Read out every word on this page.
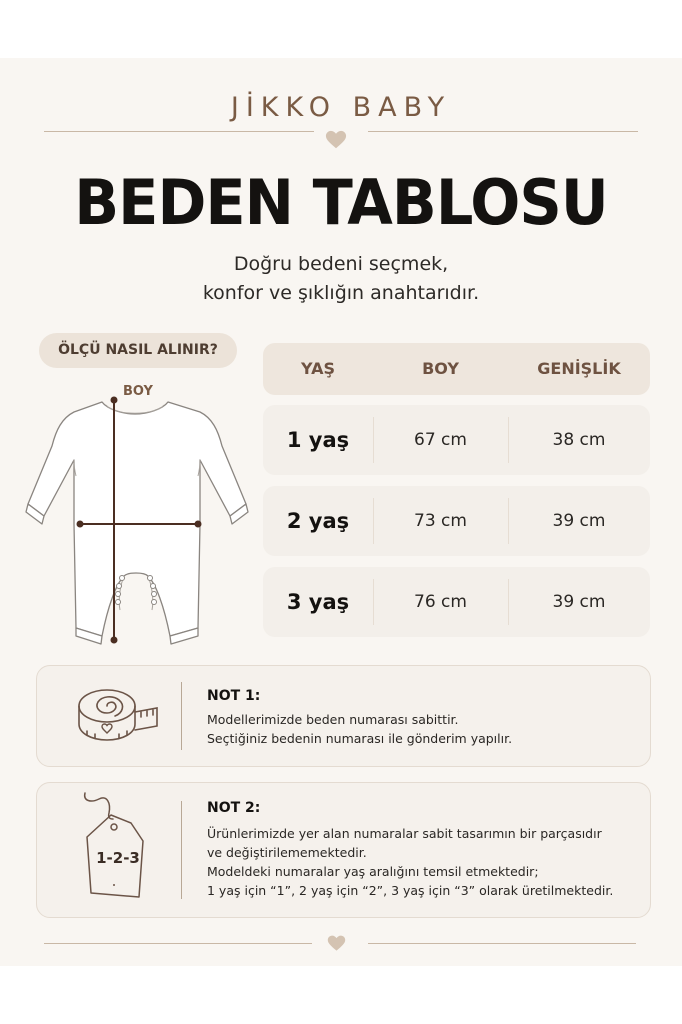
JİKKO BABY
BEDEN TABLOSU
Doğru bedeni seçmek,
konfor ve şıklığın anahtarıdır.
ÖLÇÜ NASIL ALINIR?
BOY
YAŞ	BOY	GENİŞLİK
1 yaş	67 cm	38 cm
2 yaş	73 cm	39 cm
3 yaş	76 cm	39 cm
NOT 1:
Modellerimizde beden numarası sabittir.
Seçtiğiniz bedenin numarası ile gönderim yapılır.
1-2-3
NOT 2:
Ürünlerimizde yer alan numaralar sabit tasarımın bir parçasıdır
ve değiştirilememektedir.
Modeldeki numaralar yaş aralığını temsil etmektedir;
1 yaş için “1”, 2 yaş için “2”, 3 yaş için “3” olarak üretilmektedir.
